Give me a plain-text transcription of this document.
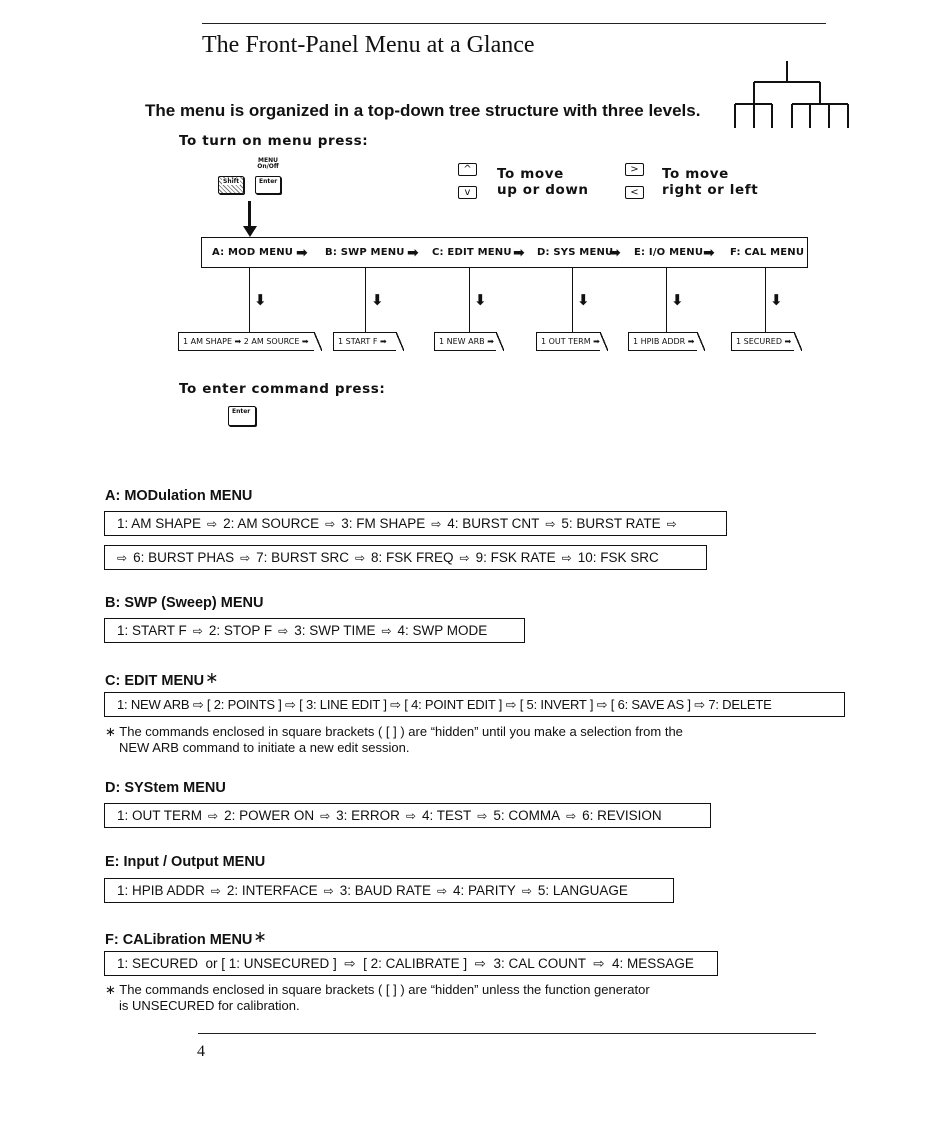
The Front-Panel Menu at a Glance
The menu is organized in a top-down tree structure with three levels.
To turn on menu press:
MENU
On/Off
Shift	Enter
^
v
To move
up or down
>
<
To move
right or left
A: MOD MENU ➡ B: SWP MENU ➡ C: EDIT MENU ➡ D: SYS MENU
➡ E: I/O MENU ➡ F: CAL MENU
⬇	⬇	⬇	⬇	⬇	⬇
1 AM SHAPE ➡ 2 AM SOURCE ➡	1 START F ➡	1 NEW ARB ➡	1 OUT TERM ➡	1 HPIB ADDR ➡	1 SECURED ➡
To enter command press:
Enter
A: MODulation MENU
1: AM SHAPE ⇨ 2: AM SOURCE ⇨ 3: FM SHAPE ⇨ 4: BURST CNT ⇨ 5: BURST RATE ⇨
⇨ 6: BURST PHAS ⇨ 7: BURST SRC ⇨ 8: FSK FREQ ⇨ 9: FSK RATE ⇨ 10: FSK SRC
B: SWP (Sweep) MENU
1: START F ⇨ 2: STOP F ⇨ 3: SWP TIME ⇨ 4: SWP MODE
C: EDIT MENU∗
1: NEW ARB ⇨ [ 2: POINTS ] ⇨ [ 3: LINE EDIT ] ⇨ [ 4: POINT EDIT ] ⇨ [ 5: INVERT ] ⇨ [ 6: SAVE AS ] ⇨ 7: DELETE
∗ The commands enclosed in square brackets ( [ ] ) are “hidden” until you make a selection from the
NEW ARB command to initiate a new edit session.
D: SYStem MENU
1: OUT TERM ⇨ 2: POWER ON ⇨ 3: ERROR ⇨ 4: TEST ⇨ 5: COMMA ⇨ 6: REVISION
E: Input / Output MENU
1: HPIB ADDR ⇨ 2: INTERFACE ⇨ 3: BAUD RATE ⇨ 4: PARITY ⇨ 5: LANGUAGE
F: CALibration MENU∗
1: SECURED  or [ 1: UNSECURED ]  ⇨  [ 2: CALIBRATE ]  ⇨  3: CAL COUNT  ⇨  4: MESSAGE
∗ The commands enclosed in square brackets ( [ ] ) are “hidden” unless the function generator
is UNSECURED for calibration.
4
